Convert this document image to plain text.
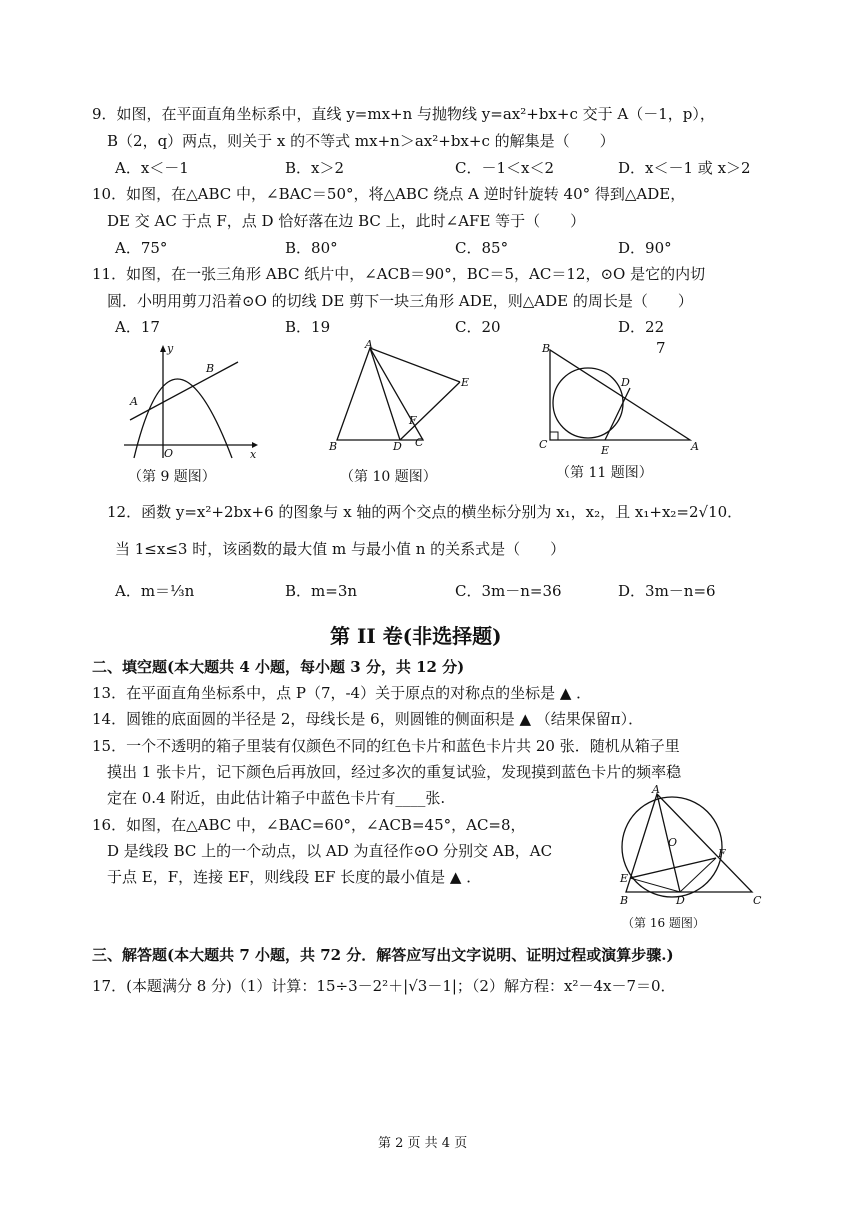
9．如图，在平面直角坐标系中，直线 y=mx+n 与抛物线 y=ax²+bx+c 交于 A（－1，p），
B（2，q）两点，则关于 x 的不等式 mx+n＞ax²+bx+c 的解集是（　　）
A．x＜－1	B．x＞2	C．－1＜x＜2	D．x＜－1 或 x＞2
10．如图，在△ABC 中，∠BAC＝50°，将△ABC 绕点 A 逆时针旋转 40° 得到△ADE，
DE 交 AC 于点 F，点 D 恰好落在边 BC 上，此时∠AFE 等于（　　）
A．75°	B．80°	C．85°	D．90°
11．如图，在一张三角形 ABC 纸片中，∠ACB＝90°，BC＝5，AC＝12，⊙O 是它的内切
圆．小明用剪刀沿着⊙O 的切线 DE 剪下一块三角形 ADE，则△ADE 的周长是（　　）
A．17	B．19	C．20	D．22
y
x
O
A
B
（第 9 题图）
A
B	D C
E
F
（第 10 题图）
B
C	A
E
D
7
（第 11 题图）
12．函数 y=x²+2bx+6 的图象与 x 轴的两个交点的横坐标分别为 x₁，x₂，且 x₁+x₂=2√10．
当 1≤x≤3 时，该函数的最大值 m 与最小值 n 的关系式是（　　）
A．m＝⅓n	B．m=3n	C．3m－n=36	D．3m－n=6
第 II 卷(非选择题)
二、填空题(本大题共 4 小题，每小题 3 分，共 12 分)
13．在平面直角坐标系中，点 P（7，-4）关于原点的对称点的坐标是 ▲ ．
14．圆锥的底面圆的半径是 2，母线长是 6，则圆锥的侧面积是 ▲ （结果保留π）．
15．一个不透明的箱子里装有仅颜色不同的红色卡片和蓝色卡片共 20 张．随机从箱子里
摸出 1 张卡片，记下颜色后再放回，经过多次的重复试验，发现摸到蓝色卡片的频率稳
定在 0.4 附近，由此估计箱子中蓝色卡片有____张.
16．如图，在△ABC 中，∠BAC=60°，∠ACB=45°，AC=8，
D 是线段 BC 上的一个动点，以 AD 为直径作⊙O 分别交 AB，AC
于点 E，F，连接 EF，则线段 EF 长度的最小值是 ▲ ．
A
O
F
E
B	D	C
（第 16 题图）
三、解答题(本大题共 7 小题，共 72 分．解答应写出文字说明、证明过程或演算步骤.)
17．(本题满分 8 分)（1）计算：15÷3－2²＋|√3－1|；（2）解方程：x²－4x－7＝0．
第 2 页 共 4 页
